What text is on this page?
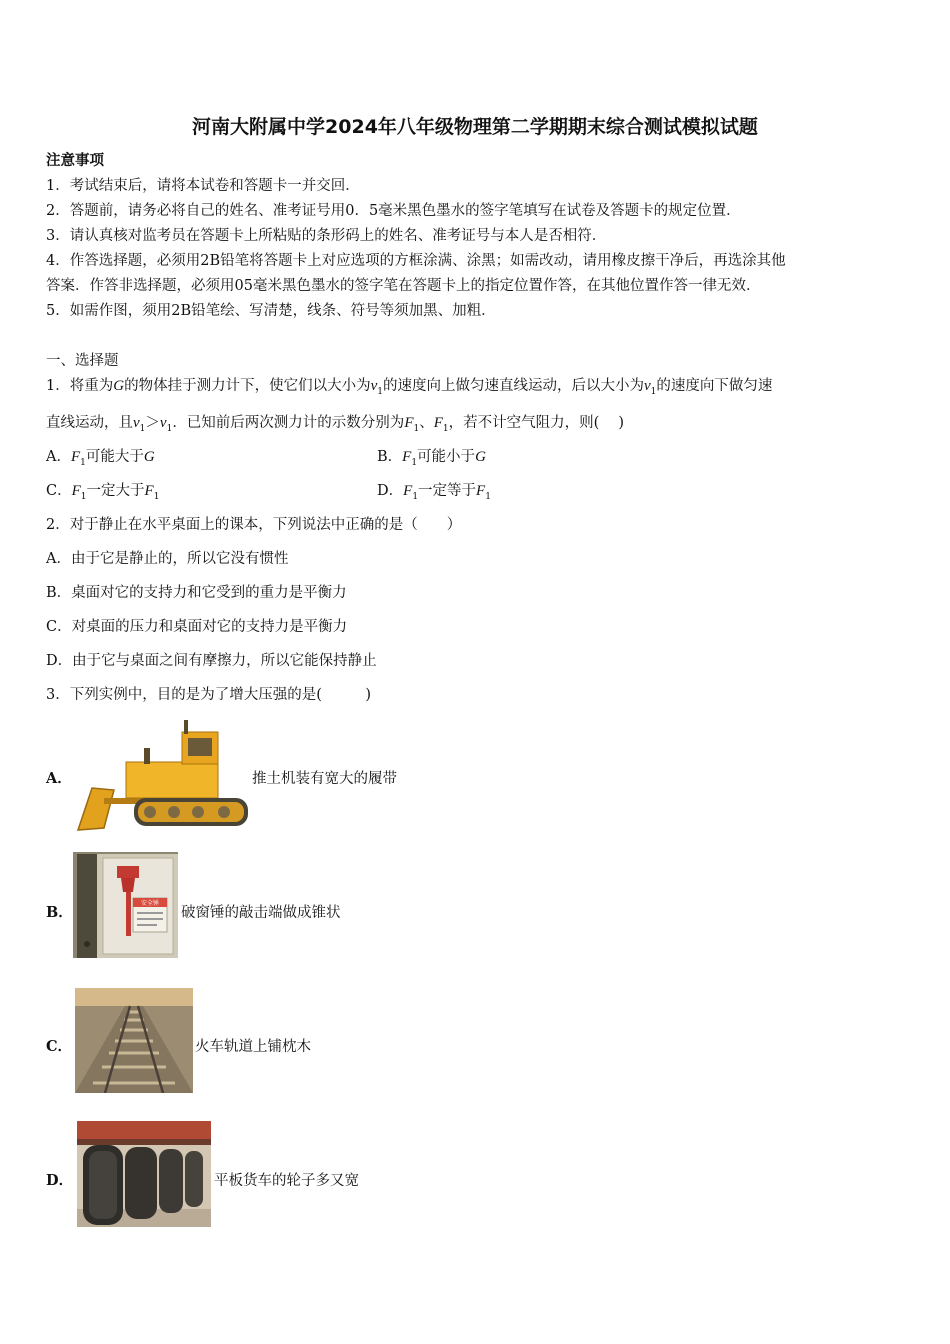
河南大附属中学2024年八年级物理第二学期期末综合测试模拟试题
注意事项
1．考试结束后，请将本试卷和答题卡一并交回．
2．答题前，请务必将自己的姓名、准考证号用0．5毫米黑色墨水的签字笔填写在试卷及答题卡的规定位置．
3．请认真核对监考员在答题卡上所粘贴的条形码上的姓名、准考证号与本人是否相符．
4．作答选择题，必须用2B铅笔将答题卡上对应选项的方框涂满、涂黑；如需改动，请用橡皮擦干净后，再选涂其他
答案．作答非选择题，必须用05毫米黑色墨水的签字笔在答题卡上的指定位置作答，在其他位置作答一律无效．
5．如需作图，须用2B铅笔绘、写清楚，线条、符号等须加黑、加粗．
一、选择题
1．将重为G的物体挂于测力计下，使它们以大小为$v_1$的速度向上做匀速直线运动，后以大小为$v_1$的速度向下做匀速
直线运动，且$v_1>v_1$．已知前后两次测力计的示数分别为$F_1$、$F_1$，若不计空气阻力，则(　 )
A．$F_1$可能大于G	B．$F_1$可能小于G
C．$F_1$一定大于$F_1$	D．$F_1$一定等于$F_1$
2．对于静止在水平桌面上的课本，下列说法中正确的是（　　）
A．由于它是静止的，所以它没有惯性
B．桌面对它的支持力和它受到的重力是平衡力
C．对桌面的压力和桌面对它的支持力是平衡力
D．由于它与桌面之间有摩擦力，所以它能保持静止
3．下列实例中，目的是为了增大压强的是(　　　)
A．	推土机装有宽大的履带
B．
安全锤
破窗锤的敲击端做成锥状
C．	火车轨道上铺枕木
D．	平板货车的轮子多又宽
